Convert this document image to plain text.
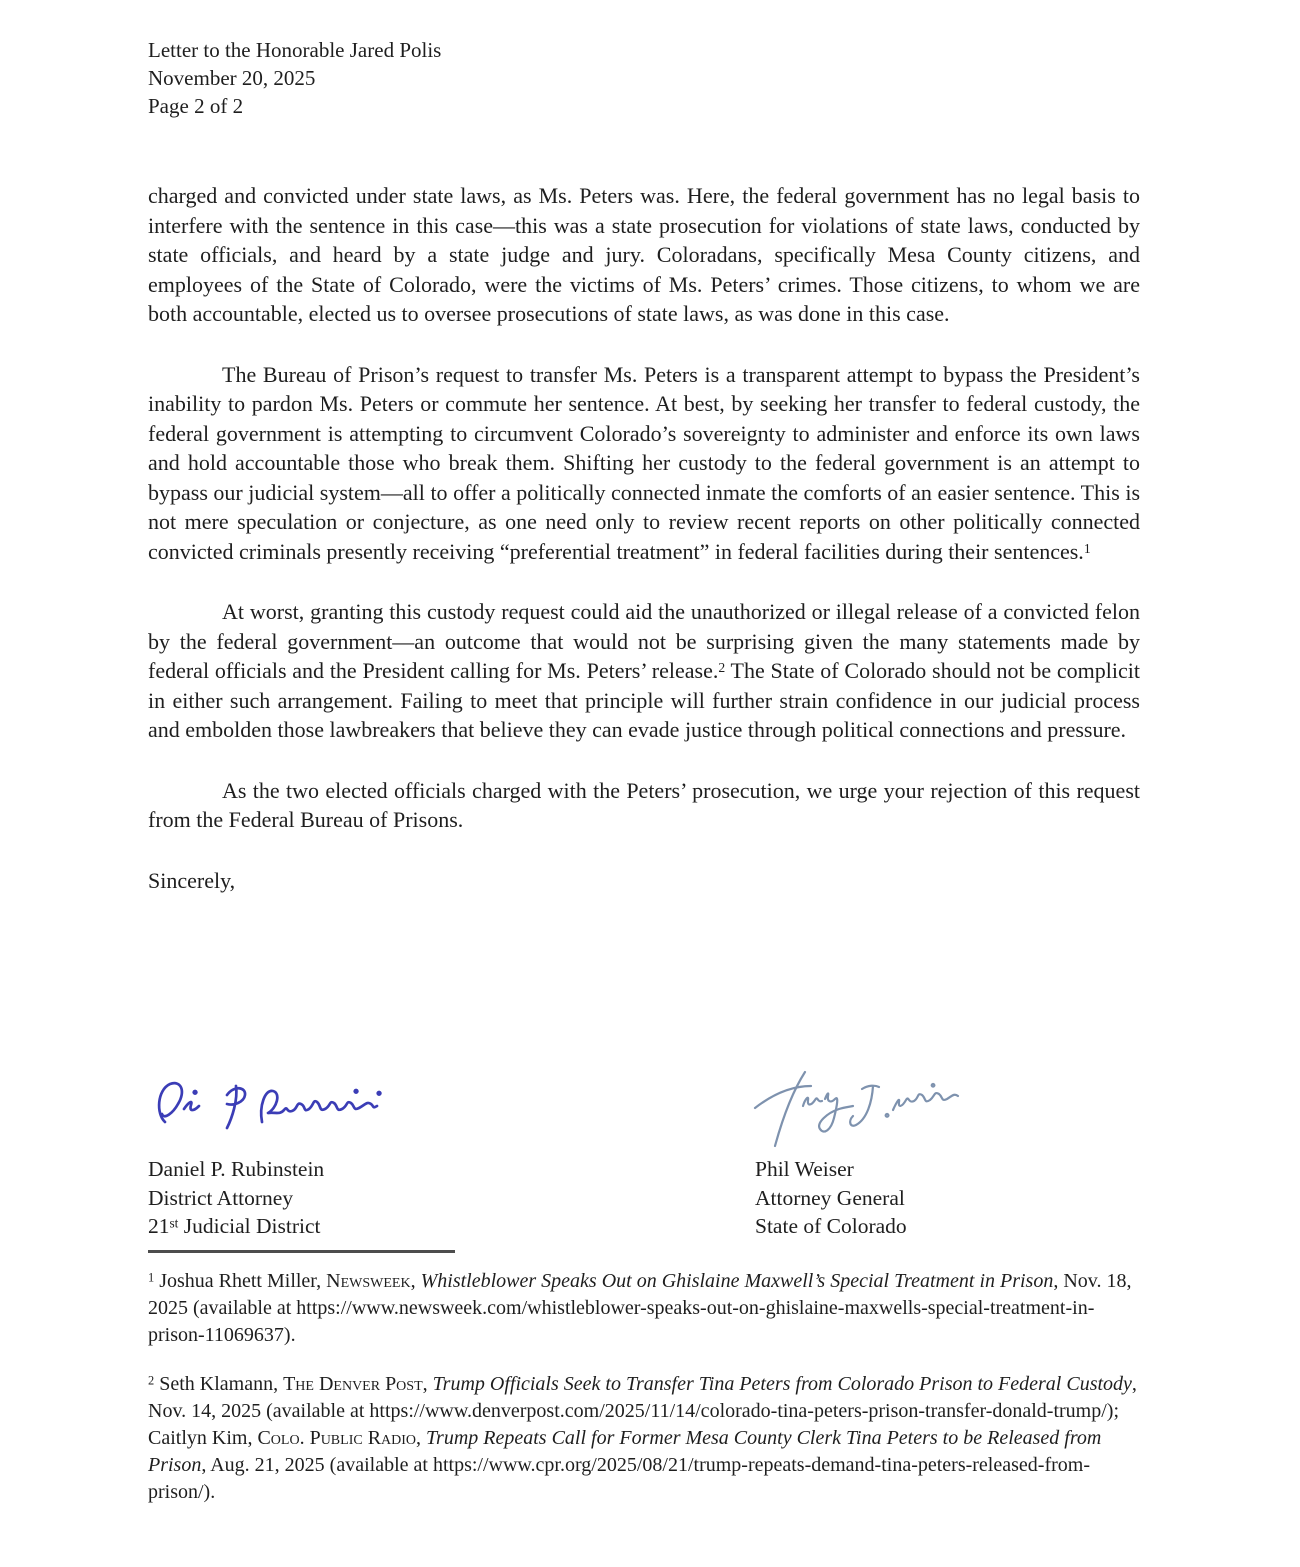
Letter to the Honorable Jared Polis
November 20, 2025
Page 2 of 2

charged and convicted under state laws, as Ms. Peters was. Here, the federal government has no legal basis to interfere with the sentence in this case—this was a state prosecution for violations of state laws, conducted by state officials, and heard by a state judge and jury. Coloradans, specifically Mesa County citizens, and employees of the State of Colorado, were the victims of Ms. Peters’ crimes. Those citizens, to whom we are both accountable, elected us to oversee prosecutions of state laws, as was done in this case.

The Bureau of Prison’s request to transfer Ms. Peters is a transparent attempt to bypass the President’s inability to pardon Ms. Peters or commute her sentence. At best, by seeking her transfer to federal custody, the federal government is attempting to circumvent Colorado’s sovereignty to administer and enforce its own laws and hold accountable those who break them. Shifting her custody to the federal government is an attempt to bypass our judicial system—all to offer a politically connected inmate the comforts of an easier sentence. This is not mere speculation or conjecture, as one need only to review recent reports on other politically connected convicted criminals presently receiving “preferential treatment” in federal facilities during their sentences.$^1$

At worst, granting this custody request could aid the unauthorized or illegal release of a convicted felon by the federal government—an outcome that would not be surprising given the many statements made by federal officials and the President calling for Ms. Peters’ release.$^2$ The State of Colorado should not be complicit in either such arrangement. Failing to meet that principle will further strain confidence in our judicial process and embolden those lawbreakers that believe they can evade justice through political connections and pressure.

As the two elected officials charged with the Peters’ prosecution, we urge your rejection of this request from the Federal Bureau of Prisons.

Sincerely,

Daniel P. Rubinstein
District Attorney
21st Judicial District
Phil Weiser
Attorney General
State of Colorado

$^1$ Joshua Rhett Miller, Newsweek, Whistleblower Speaks Out on Ghislaine Maxwell’s Special Treatment in Prison, Nov. 18, 2025 (available at https://www.newsweek.com/whistleblower-speaks-out-on-ghislaine-maxwells-special-treatment-in-prison-11069637).

$^2$ Seth Klamann, The Denver Post, Trump Officials Seek to Transfer Tina Peters from Colorado Prison to Federal Custody, Nov. 14, 2025 (available at https://www.denverpost.com/2025/11/14/colorado-tina-peters-prison-transfer-donald-trump/); Caitlyn Kim, Colo. Public Radio, Trump Repeats Call for Former Mesa County Clerk Tina Peters to be Released from Prison, Aug. 21, 2025 (available at https://www.cpr.org/2025/08/21/trump-repeats-demand-tina-peters-released-from-prison/).
